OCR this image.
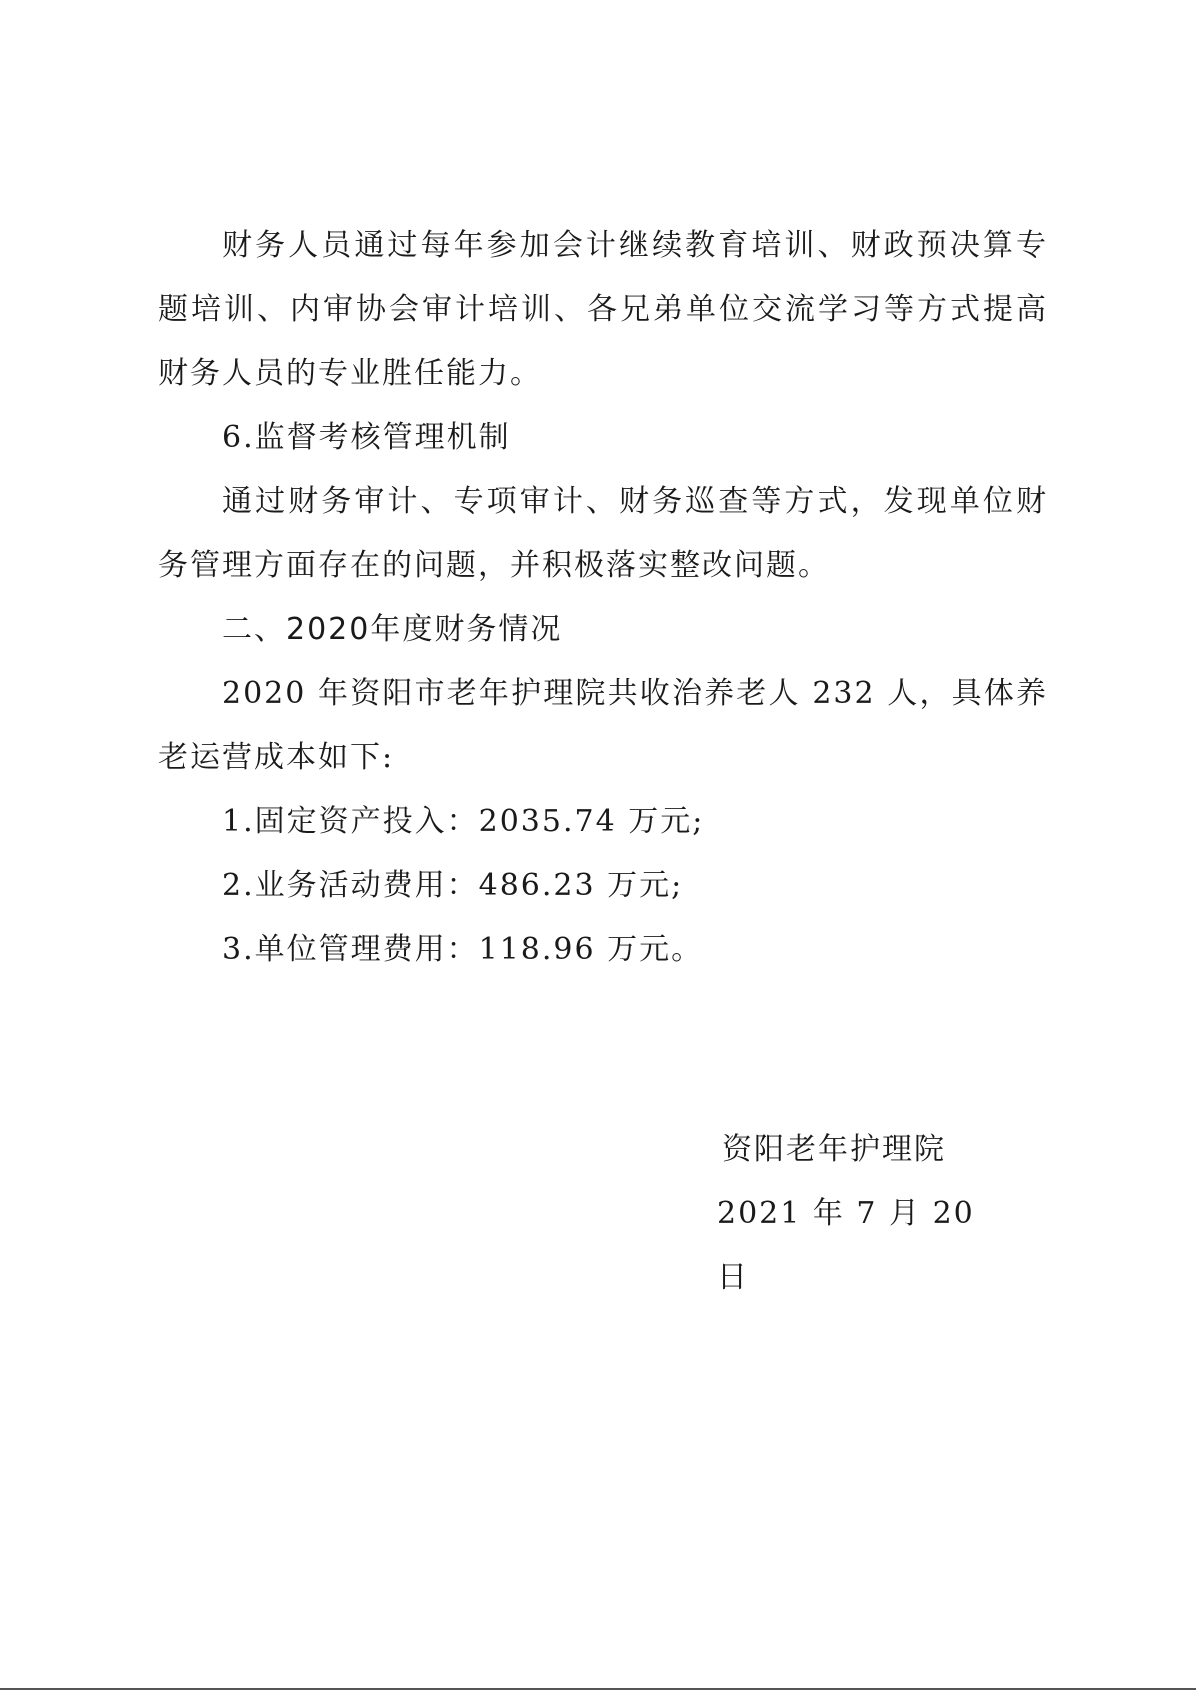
财务人员通过每年参加会计继续教育培训、财政预决算专题培训、内审协会审计培训、各兄弟单位交流学习等方式提高财务人员的专业胜任能力。

6.监督考核管理机制

通过财务审计、专项审计、财务巡查等方式，发现单位财务管理方面存在的问题，并积极落实整改问题。

二、2020年度财务情况

2020 年资阳市老年护理院共收治养老人 232 人，具体养老运营成本如下:

1.固定资产投入：2035.74 万元;

2.业务活动费用：486.23 万元;

3.单位管理费用：118.96 万元。

资阳老年护理院
2021 年 7 月 20 日
